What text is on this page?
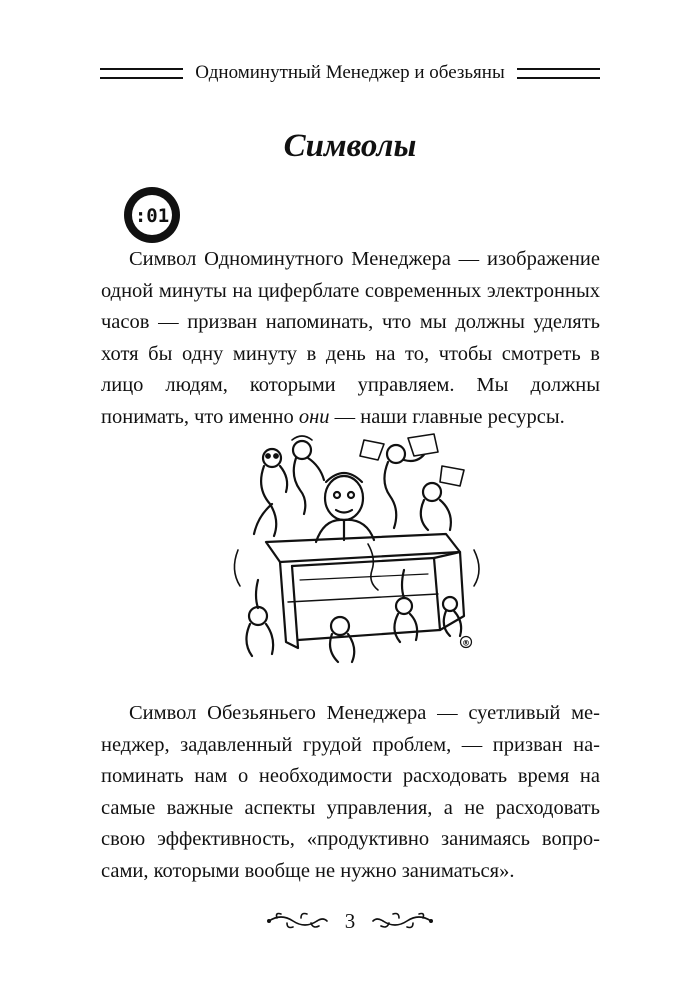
Одноминутный Менеджер и обезьяны
Символы
:01

Символ Одноминутного Менеджера — изображение одной минуты на циферблате современных электронных часов — призван напоминать, что мы должны уделять хотя бы одну минуту в день на то, чтобы смотреть в лицо людям, которыми управляем. Мы должны понимать, что именно они — наши главные ресурсы.

®

Символ Обезьяньего Менеджера — суетливый менеджер, задавленный грудой проблем, — призван напоминать нам о необходимости расходовать время на самые важные аспекты управления, а не расходовать свою эффективность, «продуктивно занимаясь вопросами, которыми вообще не нужно заниматься».

3
